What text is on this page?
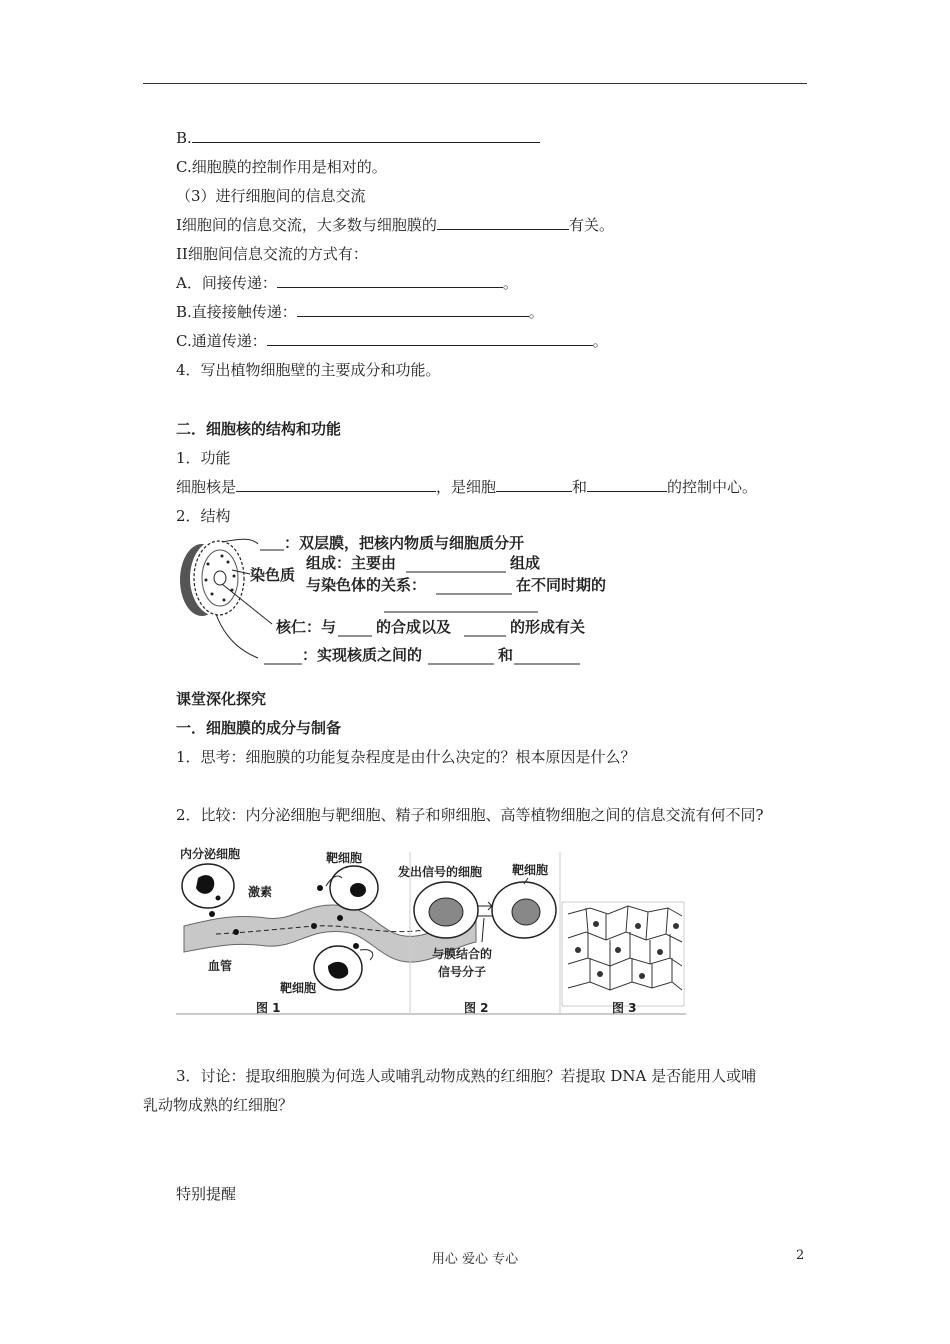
B.
C.细胞膜的控制作用是相对的。
（3）进行细胞间的信息交流
I细胞间的信息交流，大多数与细胞膜的	有关。
II细胞间信息交流的方式有：
A．间接传递：	。
B.直接接触传递：	。
C.通道传递：	。
4．写出植物细胞壁的主要成分和功能。
二．细胞核的结构和功能
1．功能
细胞核是	，是细胞	和	的控制中心。
2．结构
：双层膜，把核内物质与细胞质分开
染色质
组成：主要由	组成
与染色体的关系：	在不同时期的
核仁：与	的合成以及	的形成有关
：实现核质之间的	和
课堂深化探究
一．细胞膜的成分与制备
1．思考：细胞膜的功能复杂程度是由什么决定的？根本原因是什么？
2．比较：内分泌细胞与靶细胞、精子和卵细胞、高等植物细胞之间的信息交流有何不同?
内分泌细胞	靶细胞
激素
血管
靶细胞
图 1
发出信号的细胞 靶细胞
与膜结合的
信号分子
图 2	图 3
3．讨论：提取细胞膜为何选人或哺乳动物成熟的红细胞？若提取 DNA 是否能用人或哺
乳动物成熟的红细胞？
特别提醒
用心 爱心 专心	2
